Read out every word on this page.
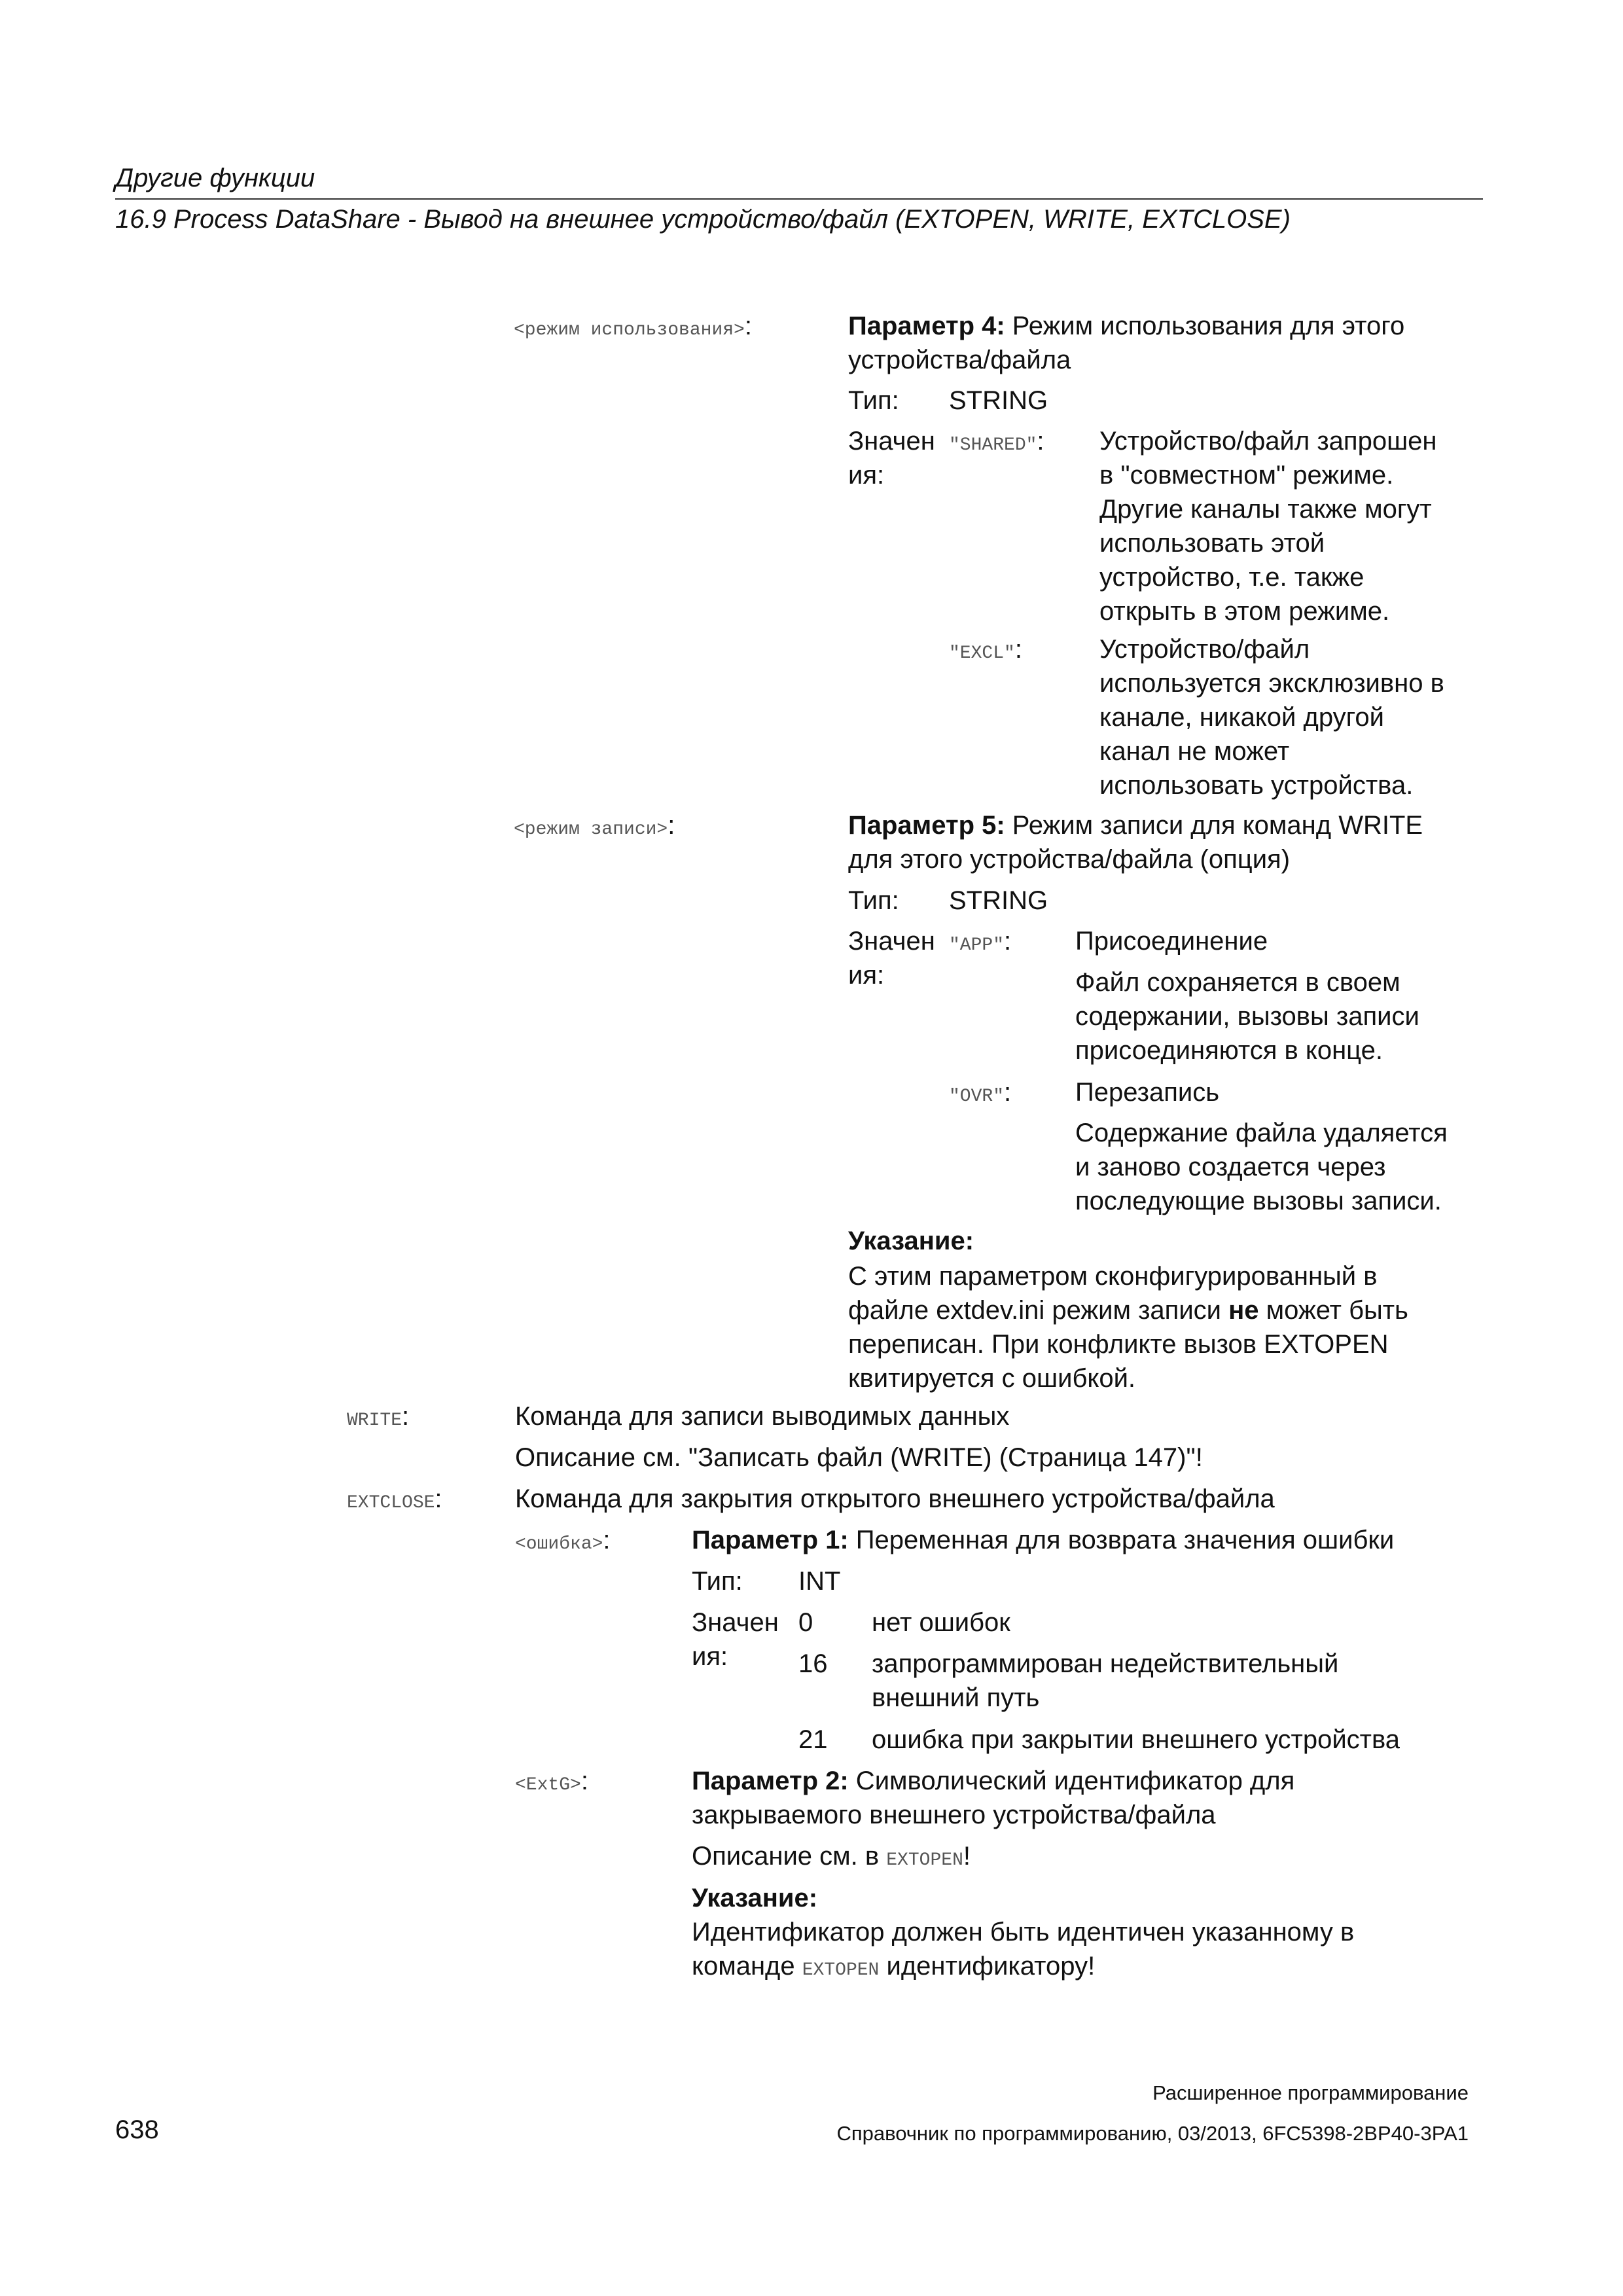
Другие функции
16.9 Process DataShare - Вывод на внешнее устройство/файл (EXTOPEN, WRITE, EXTCLOSE)
<режим использования>:	Параметр 4: Режим использования для этого
устройства/файла
Тип: STRING
Значен
ия:
"SHARED": Устройство/файл запрошен
в "совместном" режиме.
Другие каналы также могут
использовать этой
устройство, т.е. также
открыть в этом режиме.
"EXCL":	Устройство/файл
используется эксклюзивно в
канале, никакой другой
канал не может
использовать устройства.
<режим записи>:	Параметр 5: Режим записи для команд WRITE
для этого устройства/файла (опция)
Тип: STRING
Значен
ия:
"APP": Присоединение
Файл сохраняется в своем
содержании, вызовы записи
присоединяются в конце.
"OVR": Перезапись
Содержание файла удаляется
и заново создается через
последующие вызовы записи.
Указание:
С этим параметром сконфигурированный в
файле extdev.ini режим записи не может быть
переписан. При конфликте вызов EXTOPEN
квитируется с ошибкой.
WRITE:	Команда для записи выводимых данных
Описание см. "Записать файл (WRITE) (Страница 147)"!
EXTCLOSE:	Команда для закрытия открытого внешнего устройства/файла
<ошибка>:	Параметр 1: Переменная для возврата значения ошибки
Тип: INT
Значен
ия:
0 нет ошибок
16 запрограммирован недействительный
внешний путь
21 ошибка при закрытии внешнего устройства
<ExtG>:	Параметр 2: Символический идентификатор для
закрываемого внешнего устройства/файла
Описание см. в EXTOPEN!
Указание:
Идентификатор должен быть идентичен указанному в
команде EXTOPEN идентификатору!
Расширенное программирование
638	Справочник по программированию, 03/2013, 6FC5398-2BP40-3PA1
